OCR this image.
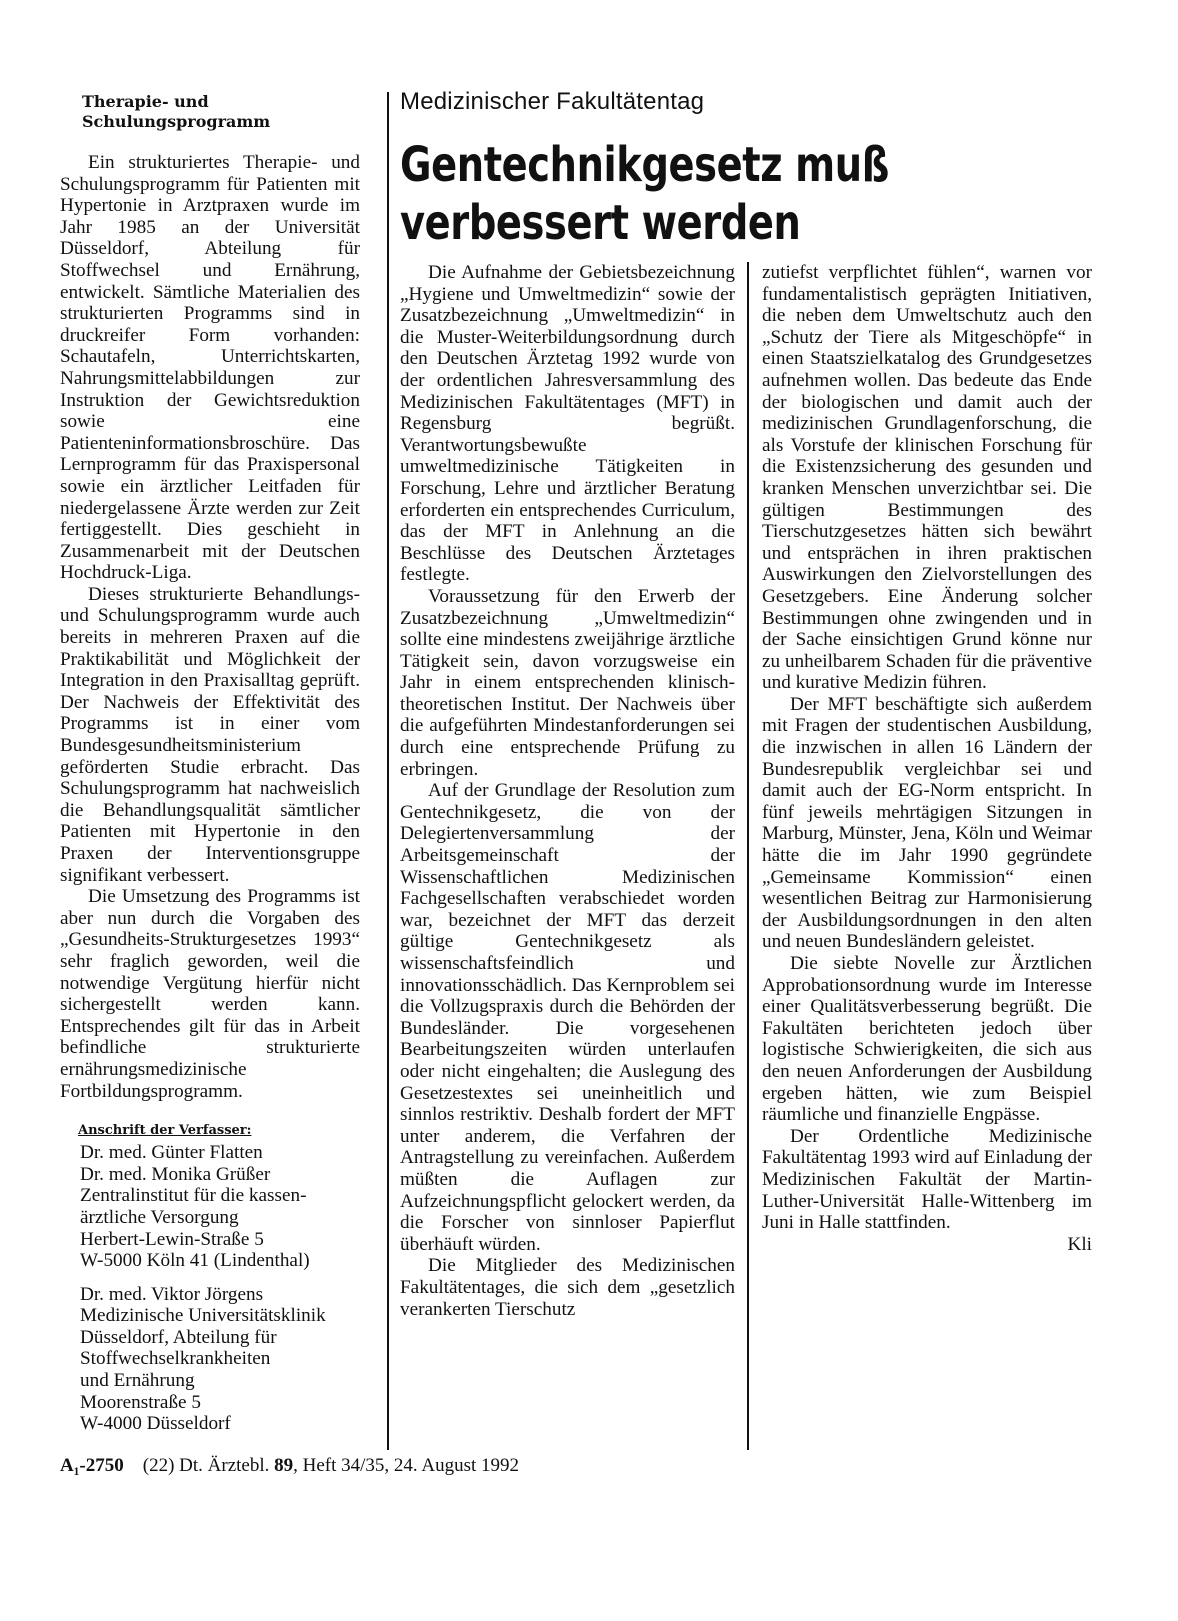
Therapie- und Schulungsprogramm

Ein strukturiertes Therapie- und Schulungsprogramm für Patienten mit Hypertonie in Arztpraxen wurde im Jahr 1985 an der Universität Düsseldorf, Abteilung für Stoffwechsel und Ernährung, entwickelt. Sämtliche Materialien des strukturierten Programms sind in druckreifer Form vorhanden: Schautafeln, Unterrichtskarten, Nahrungsmittelabbildungen zur Instruktion der Gewichtsreduktion sowie eine Patienteninformationsbroschüre. Das Lernprogramm für das Praxispersonal sowie ein ärztlicher Leitfaden für niedergelassene Ärzte werden zur Zeit fertiggestellt. Dies geschieht in Zusammenarbeit mit der Deutschen Hochdruck-Liga.

Dieses strukturierte Behandlungs- und Schulungsprogramm wurde auch bereits in mehreren Praxen auf die Praktikabilität und Möglichkeit der Integration in den Praxisalltag geprüft. Der Nachweis der Effektivität des Programms ist in einer vom Bundesgesundheitsministerium geförderten Studie erbracht. Das Schulungsprogramm hat nachweislich die Behandlungsqualität sämtlicher Patienten mit Hypertonie in den Praxen der Interventionsgruppe signifikant verbessert.

Die Umsetzung des Programms ist aber nun durch die Vorgaben des „Gesundheits-Strukturgesetzes 1993“ sehr fraglich geworden, weil die notwendige Vergütung hierfür nicht sichergestellt werden kann. Entsprechendes gilt für das in Arbeit befindliche strukturierte ernährungsmedizinische Fortbildungsprogramm.

Anschrift der Verfasser:
Dr. med. Günter Flatten
Dr. med. Monika Grüßer
Zentralinstitut für die kassen-
ärztliche Versorgung
Herbert-Lewin-Straße 5
W-5000 Köln 41 (Lindenthal)
Dr. med. Viktor Jörgens
Medizinische Universitätsklinik
Düsseldorf, Abteilung für
Stoffwechselkrankheiten
und Ernährung
Moorenstraße 5
W-4000 Düsseldorf
Medizinischer Fakultätentag
Gentechnikgesetz muß
verbessert werden

Die Aufnahme der Gebietsbezeichnung „Hygiene und Umweltmedizin“ sowie der Zusatzbezeichnung „Umweltmedizin“ in die Muster-Weiterbildungsordnung durch den Deutschen Ärztetag 1992 wurde von der ordentlichen Jahresversammlung des Medizinischen Fakultätentages (MFT) in Regensburg begrüßt. Verantwortungsbewußte umweltmedizinische Tätigkeiten in Forschung, Lehre und ärztlicher Beratung erforderten ein entsprechendes Curriculum, das der MFT in Anlehnung an die Beschlüsse des Deutschen Ärztetages festlegte.

Voraussetzung für den Erwerb der Zusatzbezeichnung „Umweltmedizin“ sollte eine mindestens zweijährige ärztliche Tätigkeit sein, davon vorzugsweise ein Jahr in einem entsprechenden klinisch-theoretischen Institut. Der Nachweis über die aufgeführten Mindestanforderungen sei durch eine entsprechende Prüfung zu erbringen.

Auf der Grundlage der Resolution zum Gentechnikgesetz, die von der Delegiertenversammlung der Arbeitsgemeinschaft der Wissenschaftlichen Medizinischen Fachgesellschaften verabschiedet worden war, bezeichnet der MFT das derzeit gültige Gentechnikgesetz als wissenschaftsfeindlich und innovationsschädlich. Das Kernproblem sei die Vollzugspraxis durch die Behörden der Bundesländer. Die vorgesehenen Bearbeitungszeiten würden unterlaufen oder nicht eingehalten; die Auslegung des Gesetzestextes sei uneinheitlich und sinnlos restriktiv. Deshalb fordert der MFT unter anderem, die Verfahren der Antragstellung zu vereinfachen. Außerdem müßten die Auflagen zur Aufzeichnungspflicht gelockert werden, da die Forscher von sinnloser Papierflut überhäuft würden.

Die Mitglieder des Medizinischen Fakultätentages, die sich dem „gesetzlich verankerten Tierschutz

zutiefst verpflichtet fühlen“, warnen vor fundamentalistisch geprägten Initiativen, die neben dem Umweltschutz auch den „Schutz der Tiere als Mitgeschöpfe“ in einen Staatszielkatalog des Grundgesetzes aufnehmen wollen. Das bedeute das Ende der biologischen und damit auch der medizinischen Grundlagenforschung, die als Vorstufe der klinischen Forschung für die Existenzsicherung des gesunden und kranken Menschen unverzichtbar sei. Die gültigen Bestimmungen des Tierschutzgesetzes hätten sich bewährt und entsprächen in ihren praktischen Auswirkungen den Zielvorstellungen des Gesetzgebers. Eine Änderung solcher Bestimmungen ohne zwingenden und in der Sache einsichtigen Grund könne nur zu unheilbarem Schaden für die präventive und kurative Medizin führen.

Der MFT beschäftigte sich außerdem mit Fragen der studentischen Ausbildung, die inzwischen in allen 16 Ländern der Bundesrepublik vergleichbar sei und damit auch der EG-Norm entspricht. In fünf jeweils mehrtägigen Sitzungen in Marburg, Münster, Jena, Köln und Weimar hätte die im Jahr 1990 gegründete „Gemeinsame Kommission“ einen wesentlichen Beitrag zur Harmonisierung der Ausbildungsordnungen in den alten und neuen Bundesländern geleistet.

Die siebte Novelle zur Ärztlichen Approbationsordnung wurde im Interesse einer Qualitätsverbesserung begrüßt. Die Fakultäten berichteten jedoch über logistische Schwierigkeiten, die sich aus den neuen Anforderungen der Ausbildung ergeben hätten, wie zum Beispiel räumliche und finanzielle Engpässe.

Der Ordentliche Medizinische Fakultätentag 1993 wird auf Einladung der Medizinischen Fakultät der Martin-Luther-Universität Halle-Wittenberg im Juni in Halle stattfinden.

Kli
A₁-2750 (22) Dt. Ärztebl. 89, Heft 34/35, 24. August 1992
